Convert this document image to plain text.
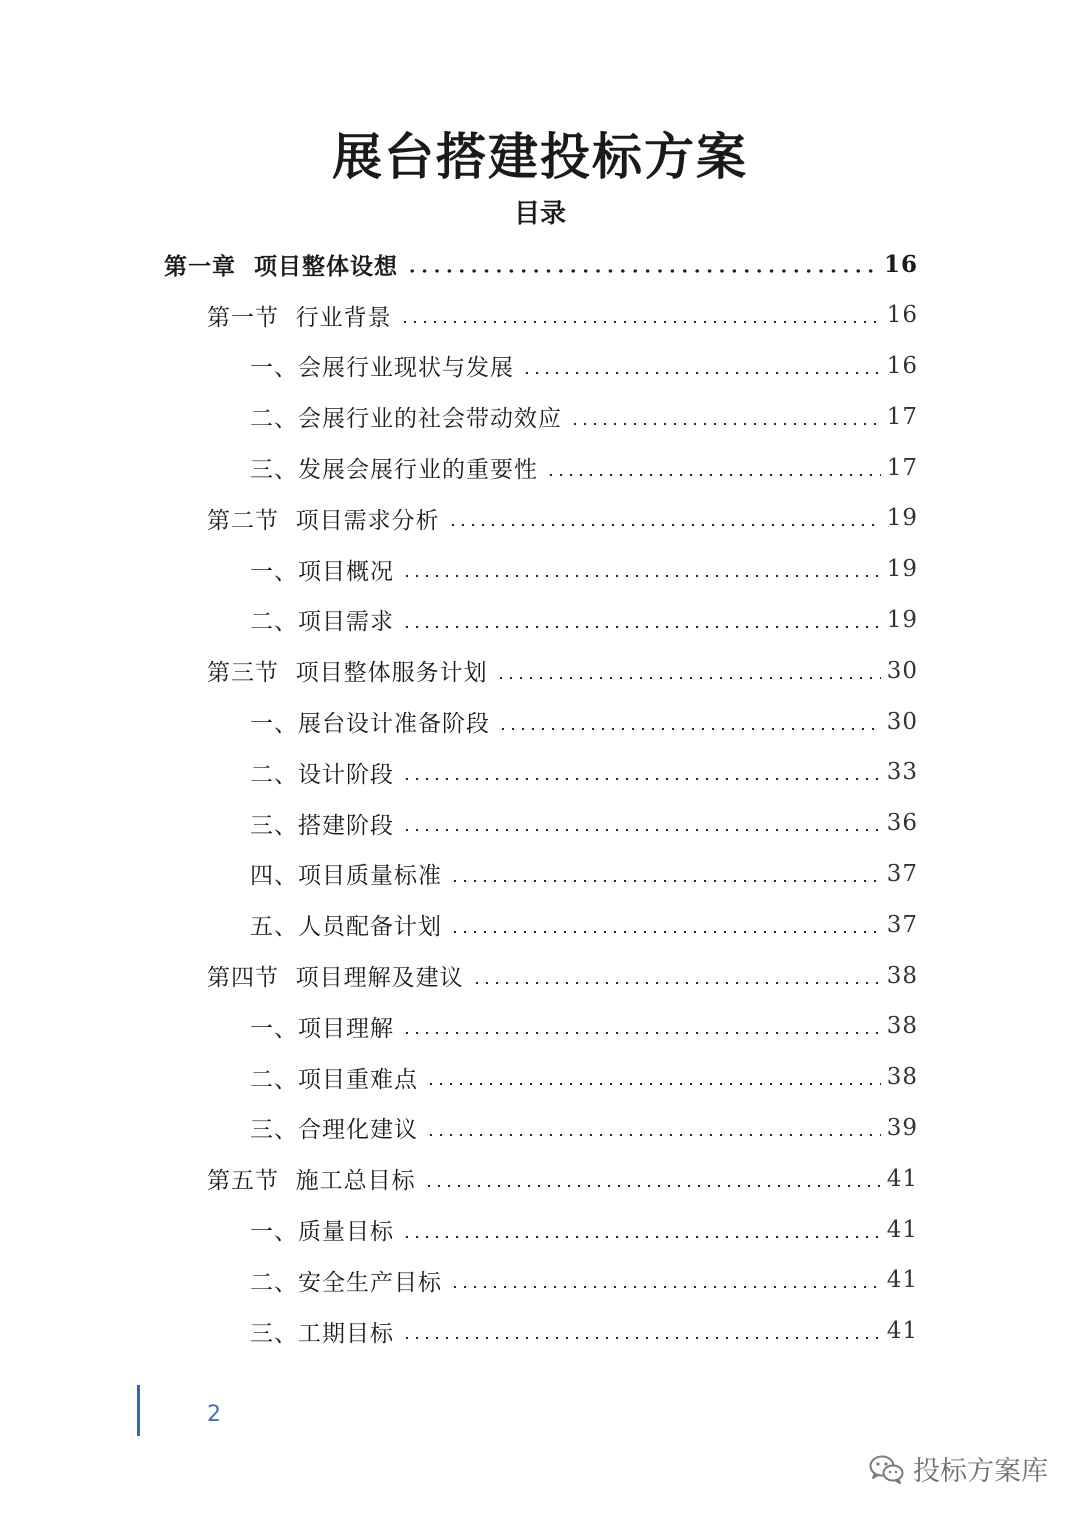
展台搭建投标方案
目录
第一章  项目整体设想	16
第一节  行业背景	16
一、会展行业现状与发展	16
二、会展行业的社会带动效应	17
三、发展会展行业的重要性	17
第二节  项目需求分析	19
一、项目概况	19
二、项目需求	19
第三节  项目整体服务计划	30
一、展台设计准备阶段	30
二、设计阶段	33
三、搭建阶段	36
四、项目质量标准	37
五、人员配备计划	37
第四节  项目理解及建议	38
一、项目理解	38
二、项目重难点	38
三、合理化建议	39
第五节  施工总目标	41
一、质量目标	41
二、安全生产目标	41
三、工期目标	41
2
投标方案库
